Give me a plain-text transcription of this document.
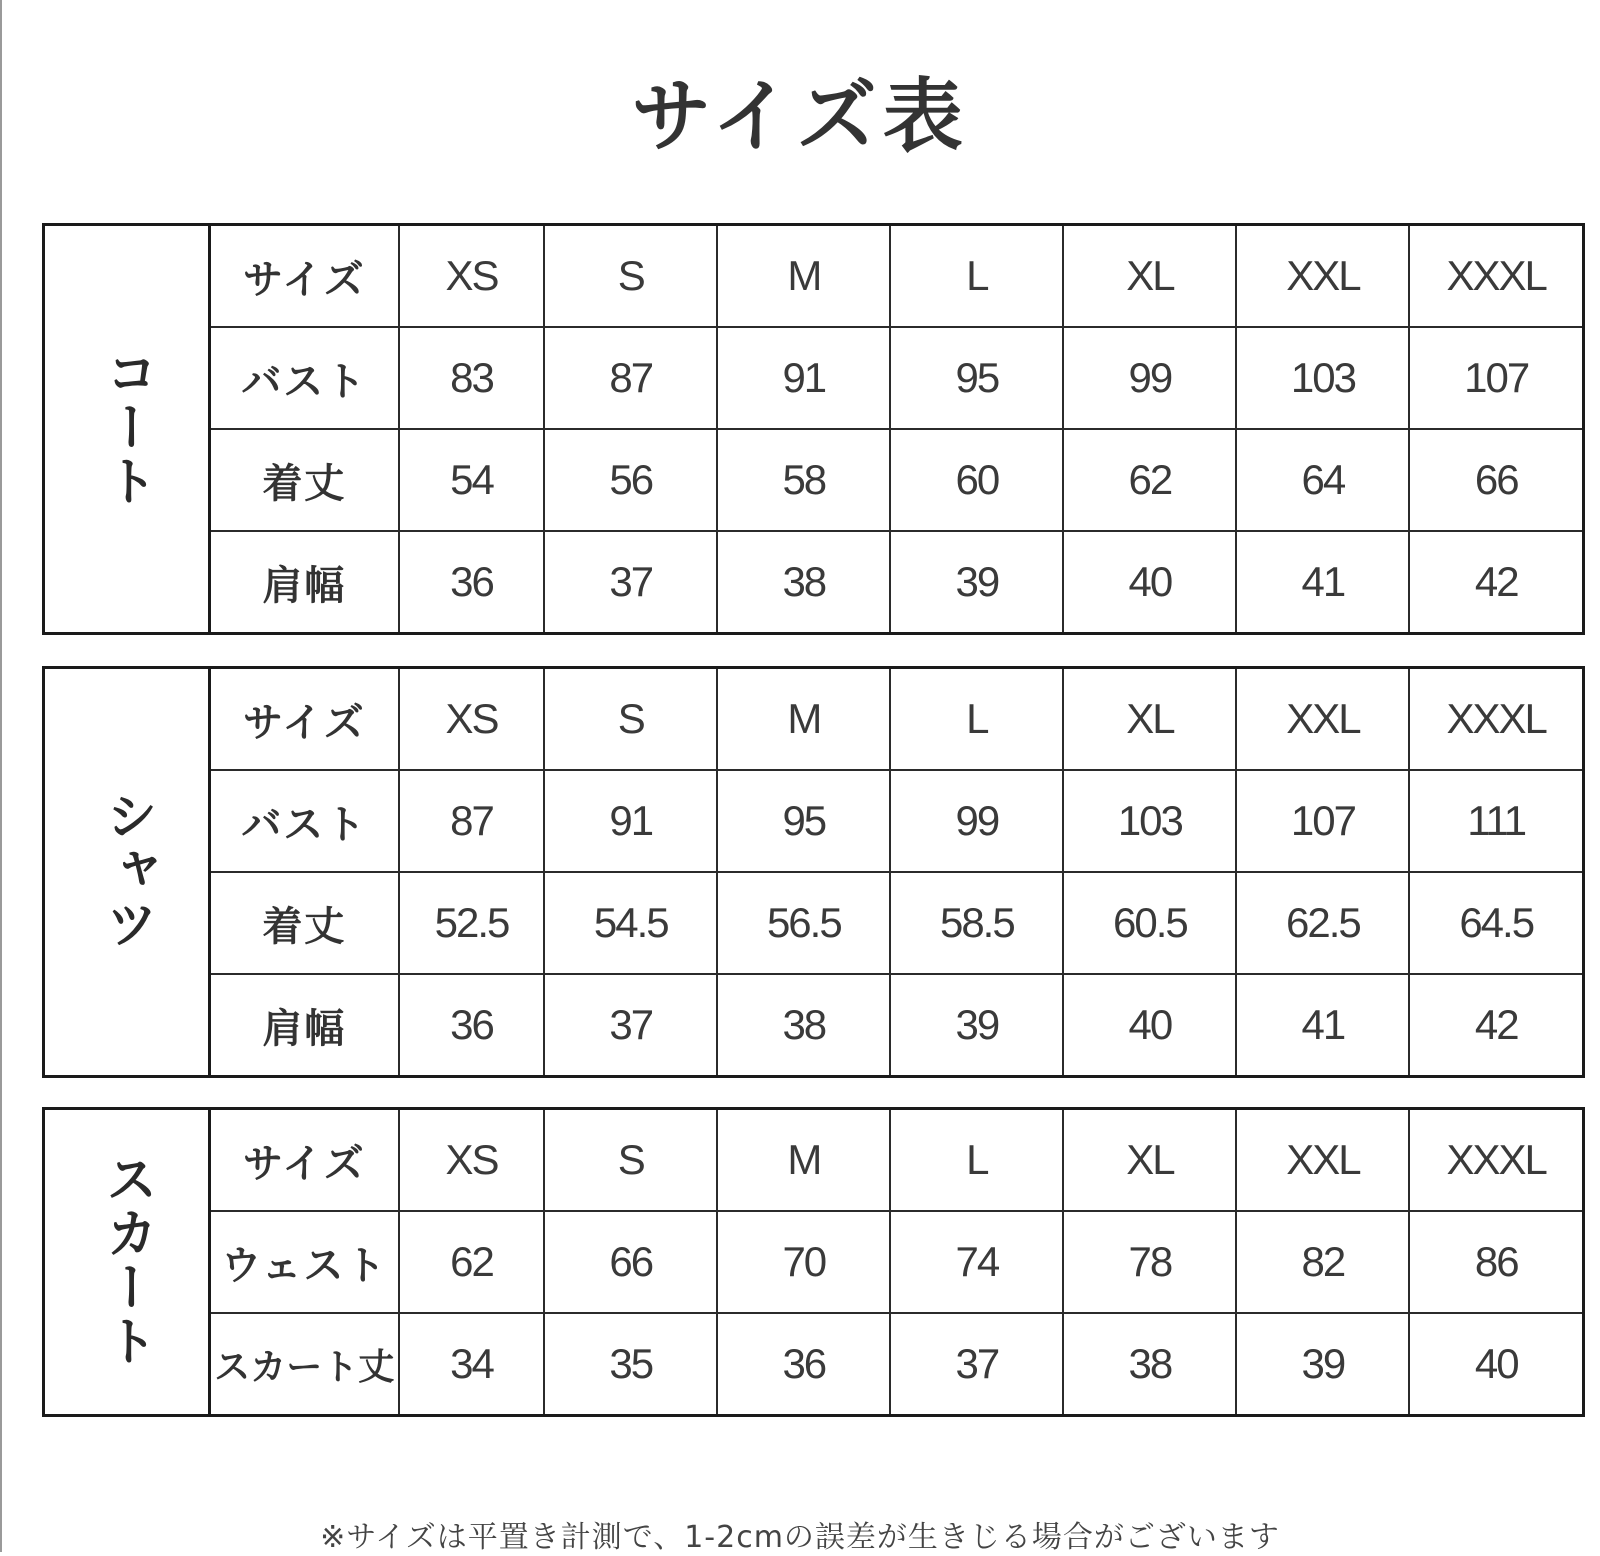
サイズ表
コート	サイズ	XS	S	M	L	XL	XXL	XXXL
	バスト	83	87	91	95	99	103	107
	着丈	54	56	58	60	62	64	66
	肩幅	36	37	38	39	40	41	42
シャツ	サイズ	XS	S	M	L	XL	XXL	XXXL
	バスト	87	91	95	99	103	107	111
	着丈	52.5	54.5	56.5	58.5	60.5	62.5	64.5
	肩幅	36	37	38	39	40	41	42
スカート	サイズ	XS	S	M	L	XL	XXL	XXXL
	ウェスト	62	66	70	74	78	82	86
	スカート丈	34	35	36	37	38	39	40
※サイズは平置き計測で、1-2cmの誤差が生きじる場合がございます
